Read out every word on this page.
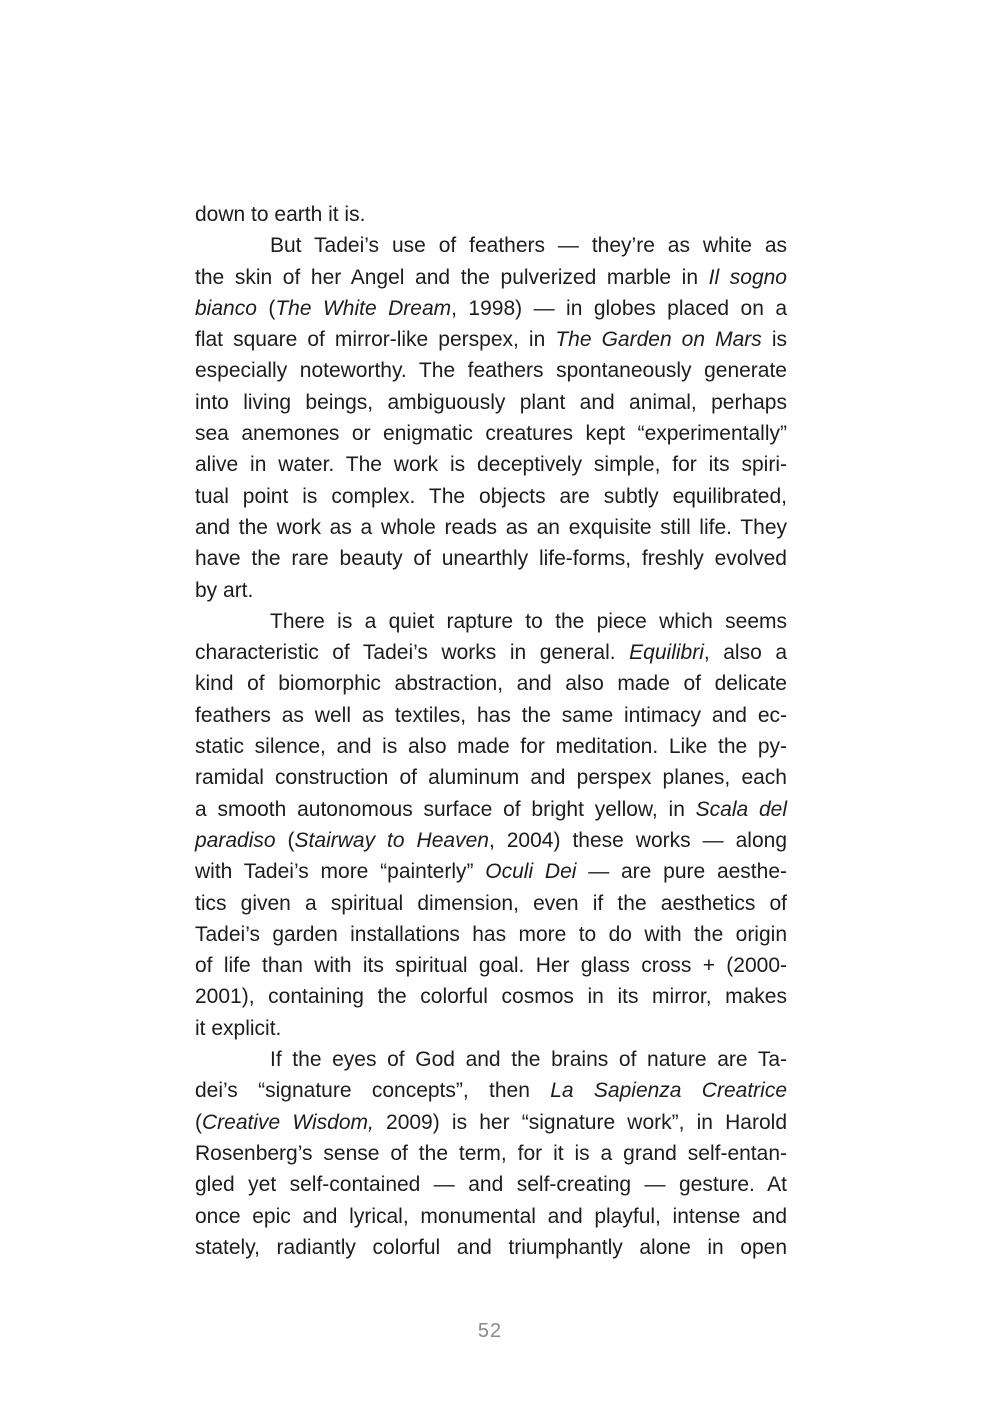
down to earth it is.
But Tadei’s use of feathers — they’re as white as
the skin of her Angel and the pulverized marble in Il sogno
bianco (The White Dream, 1998) — in globes placed on a
flat square of mirror-like perspex, in The Garden on Mars is
especially noteworthy. The feathers spontaneously generate
into living beings, ambiguously plant and animal, perhaps
sea anemones or enigmatic creatures kept “experimentally”
alive in water. The work is deceptively simple, for its spiri-
tual point is complex. The objects are subtly equilibrated,
and the work as a whole reads as an exquisite still life. They
have the rare beauty of unearthly life-forms, freshly evolved
by art.
There is a quiet rapture to the piece which seems
characteristic of Tadei’s works in general. Equilibri, also a
kind of biomorphic abstraction, and also made of delicate
feathers as well as textiles, has the same intimacy and ec-
static silence, and is also made for meditation. Like the py-
ramidal construction of aluminum and perspex planes, each
a smooth autonomous surface of bright yellow, in Scala del
paradiso (Stairway to Heaven, 2004) these works — along
with Tadei’s more “painterly” Oculi Dei — are pure aesthe-
tics given a spiritual dimension, even if the aesthetics of
Tadei’s garden installations has more to do with the origin
of life than with its spiritual goal. Her glass cross + (2000-
2001), containing the colorful cosmos in its mirror, makes
it explicit.
If the eyes of God and the brains of nature are Ta-
dei’s “signature concepts”, then La Sapienza Creatrice
(Creative Wisdom, 2009) is her “signature work”, in Harold
Rosenberg’s sense of the term, for it is a grand self-entan-
gled yet self-contained — and self-creating — gesture. At
once epic and lyrical, monumental and playful, intense and
stately, radiantly colorful and triumphantly alone in open
52
